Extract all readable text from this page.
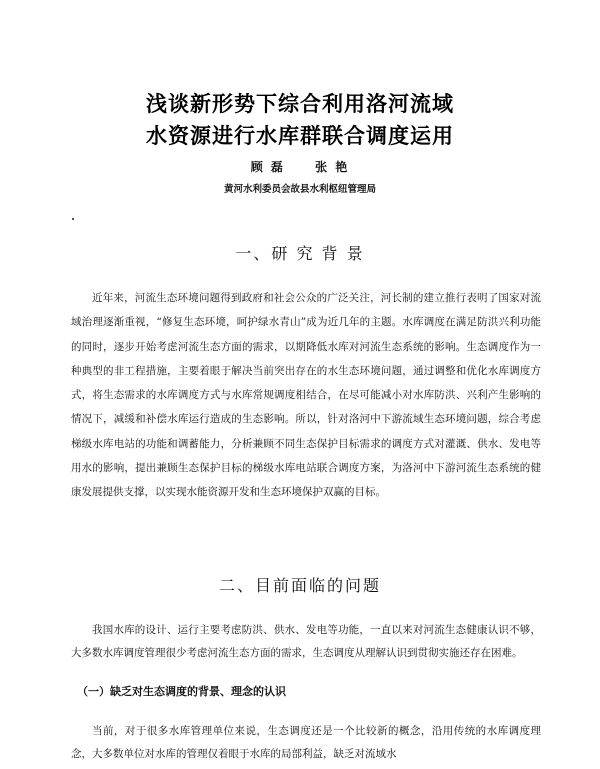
浅谈新形势下综合利用洛河流域
水资源进行水库群联合调度运用
顾 磊	张 艳
黄河水利委员会故县水利枢纽管理局
一、研 究 背 景
近年来，河流生态环境问题得到政府和社会公众的广泛关注，河长制的建立推行表明了国家对流域治理逐渐重视，“修复生态环境，呵护绿水青山”成为近几年的主题。水库调度在满足防洪兴利功能的同时，逐步开始考虑河流生态方面的需求，以期降低水库对河流生态系统的影响。生态调度作为一种典型的非工程措施，主要着眼于解决当前突出存在的水生态环境问题，通过调整和优化水库调度方式，将生态需求的水库调度方式与水库常规调度相结合，在尽可能减小对水库防洪、兴利产生影响的情况下，减缓和补偿水库运行造成的生态影响。所以，针对洛河中下游流域生态环境问题，综合考虑梯级水库电站的功能和调蓄能力，分析兼顾不同生态保护目标需求的调度方式对灌溉、供水、发电等用水的影响，提出兼顾生态保护目标的梯级水库电站联合调度方案，为洛河中下游河流生态系统的健康发展提供支撑，以实现水能资源开发和生态环境保护双赢的目标。
二、目前面临的问题
我国水库的设计、运行主要考虑防洪、供水、发电等功能，一直以来对河流生态健康认识不够，大多数水库调度管理很少考虑河流生态方面的需求，生态调度从理解认识到贯彻实施还存在困难。
（一）缺乏对生态调度的背景、理念的认识
当前，对于很多水库管理单位来说，生态调度还是一个比较新的概念，沿用传统的水库调度理念，大多数单位对水库的管理仅着眼于水库的局部利益，缺乏对流域水
